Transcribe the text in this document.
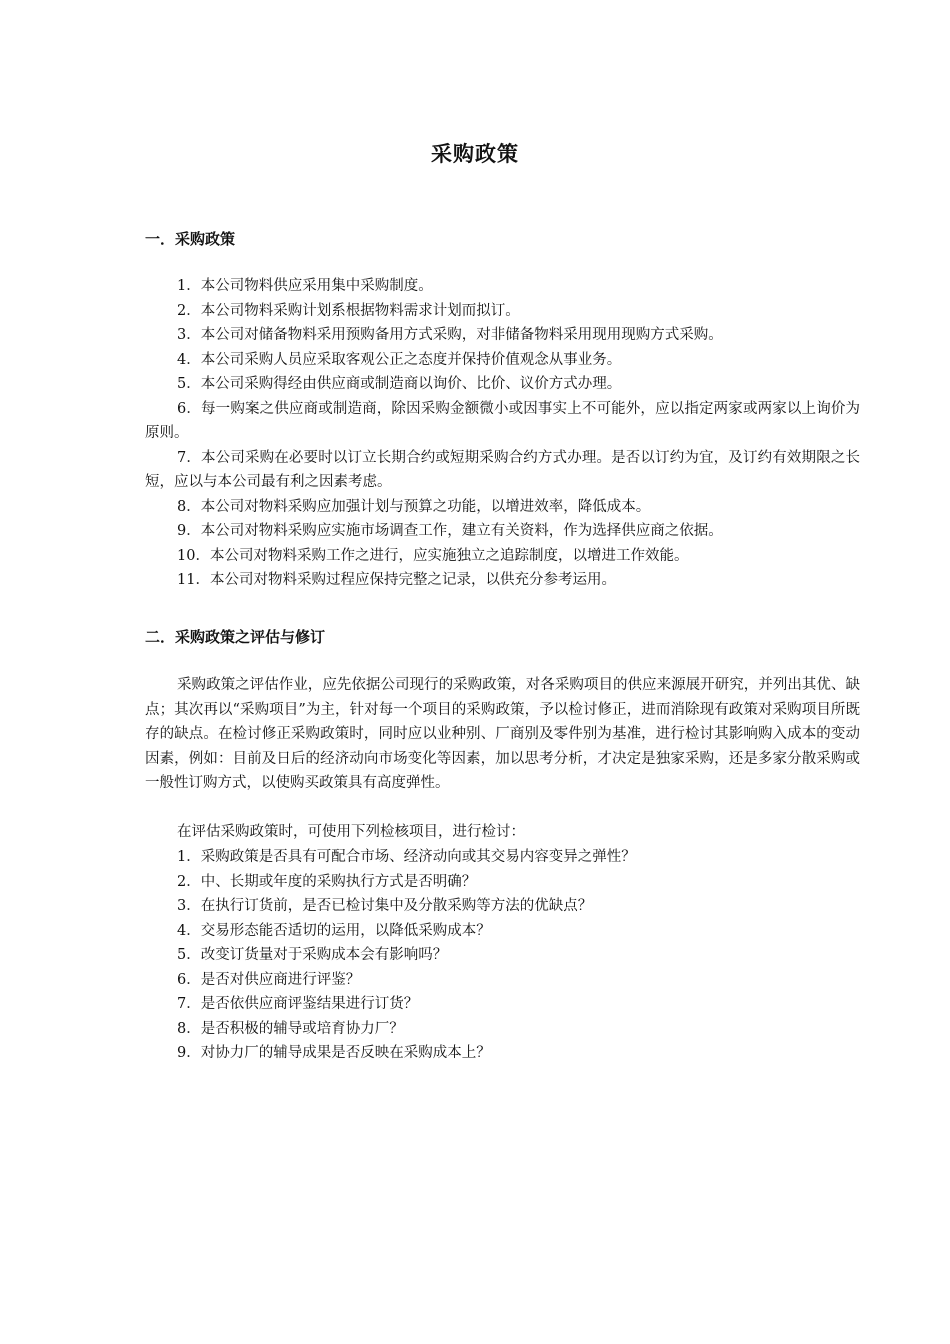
采购政策
一．采购政策
1．本公司物料供应采用集中采购制度。
2．本公司物料采购计划系根据物料需求计划而拟订。
3．本公司对储备物料采用预购备用方式采购，对非储备物料采用现用现购方式采购。
4．本公司采购人员应采取客观公正之态度并保持价值观念从事业务。
5．本公司采购得经由供应商或制造商以询价、比价、议价方式办理。
6．每一购案之供应商或制造商，除因采购金额微小或因事实上不可能外，应以指定两家或两家以上询价为原则。
7．本公司采购在必要时以订立长期合约或短期采购合约方式办理。是否以订约为宜，及订约有效期限之长短，应以与本公司最有利之因素考虑。
8．本公司对物料采购应加强计划与预算之功能，以增进效率，降低成本。
9．本公司对物料采购应实施市场调查工作，建立有关资料，作为选择供应商之依据。
10．本公司对物料采购工作之进行，应实施独立之追踪制度，以增进工作效能。
11．本公司对物料采购过程应保持完整之记录，以供充分参考运用。
二．采购政策之评估与修订

采购政策之评估作业，应先依据公司现行的采购政策，对各采购项目的供应来源展开研究，并列出其优、缺点；其次再以“采购项目”为主，针对每一个项目的采购政策，予以检讨修正，进而消除现有政策对采购项目所既存的缺点。在检讨修正采购政策时，同时应以业种别、厂商别及零件别为基准，进行检讨其影响购入成本的变动因素，例如：目前及日后的经济动向市场变化等因素，加以思考分析，才决定是独家采购，还是多家分散采购或一般性订购方式，以使购买政策具有高度弹性。

在评估采购政策时，可使用下列检核项目，进行检讨：

1．采购政策是否具有可配合市场、经济动向或其交易内容变异之弹性？
2．中、长期或年度的采购执行方式是否明确？
3．在执行订货前，是否已检讨集中及分散采购等方法的优缺点？
4．交易形态能否适切的运用，以降低采购成本？
5．改变订货量对于采购成本会有影响吗？
6．是否对供应商进行评鉴？
7．是否依供应商评鉴结果进行订货？
8．是否积极的辅导或培育协力厂？
9．对协力厂的辅导成果是否反映在采购成本上？
